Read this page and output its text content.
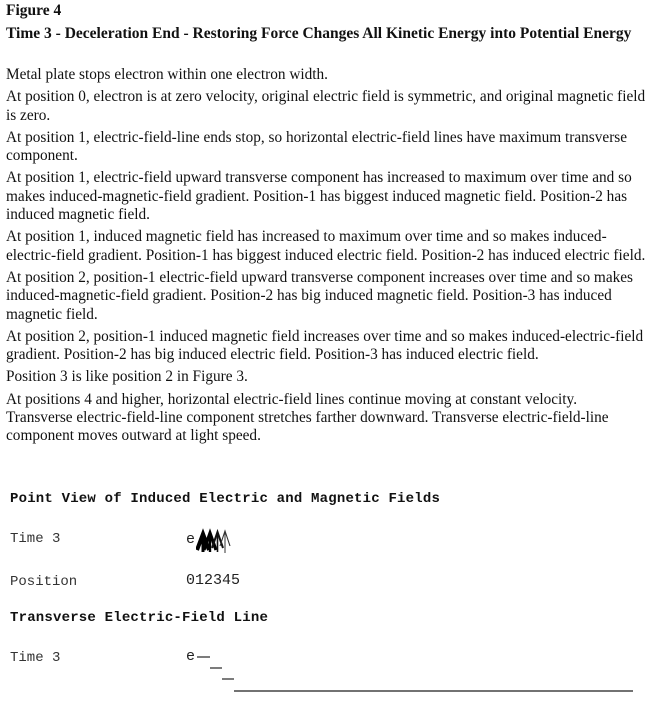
Figure 4
Time 3 - Deceleration End - Restoring Force Changes All Kinetic Energy into Potential Energy

Metal plate stops electron within one electron width.

At position 0, electron is at zero velocity, original electric field is symmetric, and original magnetic field is zero.

At position 1, electric-field-line ends stop, so horizontal electric-field lines have maximum transverse component.

At position 1, electric-field upward transverse component has increased to maximum over time and so makes induced-magnetic-field gradient. Position-1 has biggest induced magnetic field. Position-2 has induced magnetic field.

At position 1, induced magnetic field has increased to maximum over time and so makes induced-electric-field gradient. Position-1 has biggest induced electric field. Position-2 has induced electric field.

At position 2, position-1 electric-field upward transverse component increases over time and so makes induced-magnetic-field gradient. Position-2 has big induced magnetic field. Position-3 has induced magnetic field.

At position 2, position-1 induced magnetic field increases over time and so makes induced-electric-field gradient. Position-2 has big induced electric field. Position-3 has induced electric field.

Position 3 is like position 2 in Figure 3.

At positions 4 and higher, horizontal electric-field lines continue moving at constant velocity. Transverse electric-field-line component stretches farther downward. Transverse electric-field-line component moves outward at light speed.

Point View of Induced Electric and Magnetic Fields
Time 3	e
Position	012345
Transverse Electric-Field Line
Time 3	e
